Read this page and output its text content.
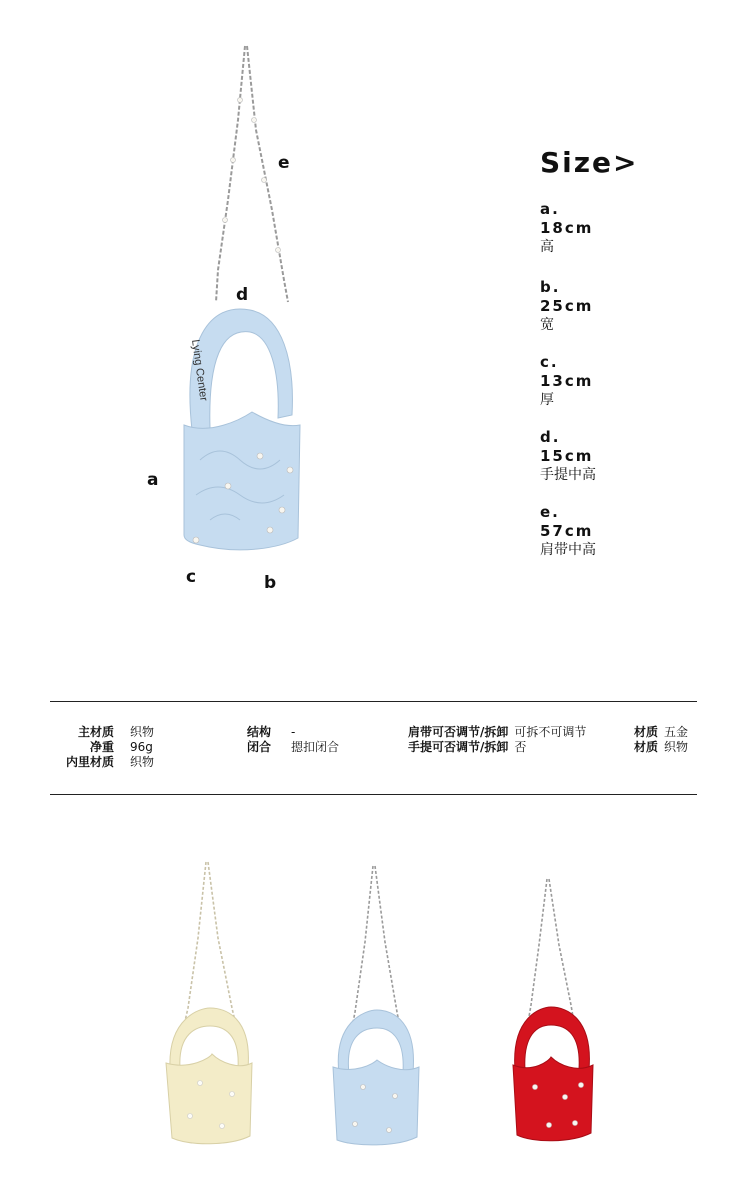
Lying Center
e
d
a
c	b
Size>
a.
18cm
高
b.
25cm
宽
c.
13cm
厚
d.
15cm
手提中高
e.
57cm
肩带中高
主材质 织物
净重 96g
内里材质 织物
结构 -
闭合 摁扣闭合
肩带可否调节/拆卸 可拆不可调节
手提可否调节/拆卸 否
材质 五金
材质 织物
